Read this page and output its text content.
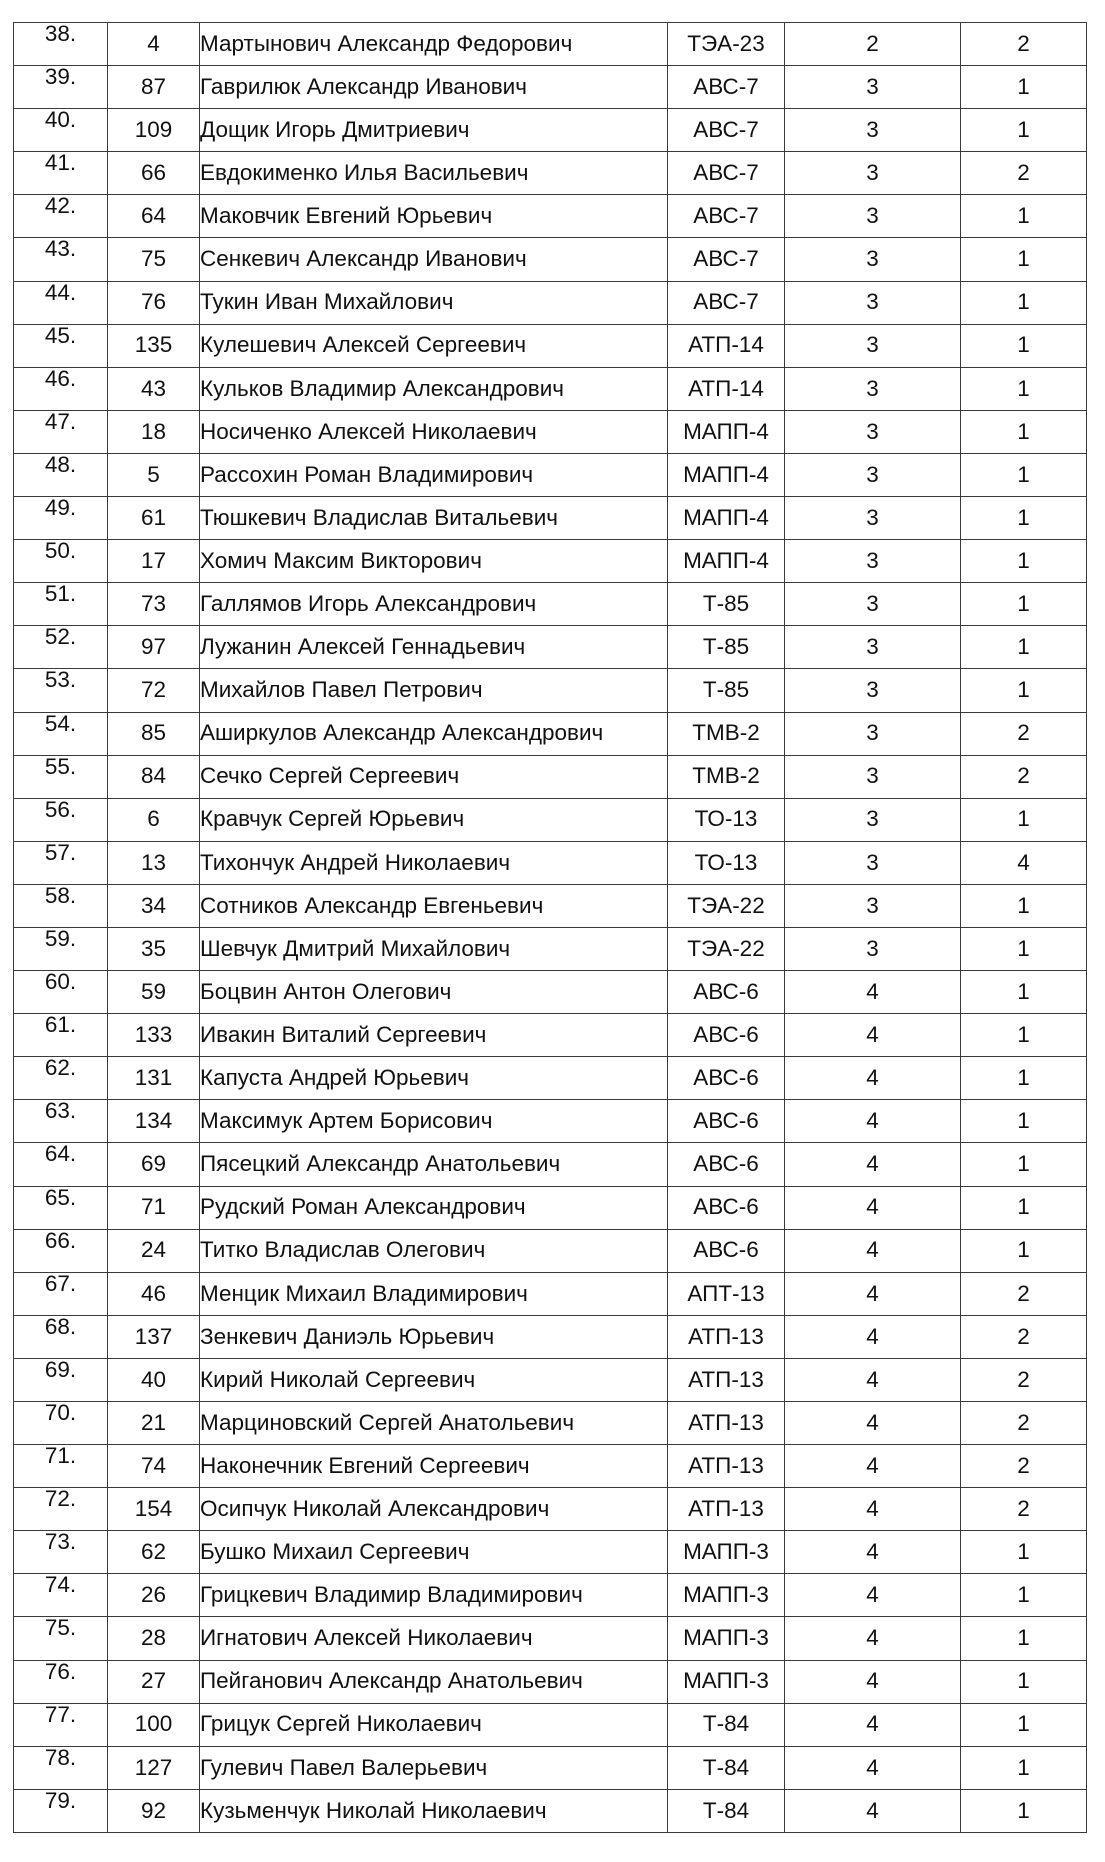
38.	4	Мартынович Александр Федорович	ТЭА-23	2	2
39.	87	Гаврилюк Александр Иванович	АВС-7	3	1
40.	109	Дощик Игорь Дмитриевич	АВС-7	3	1
41.	66	Евдокименко Илья Васильевич	АВС-7	3	2
42.	64	Маковчик Евгений Юрьевич	АВС-7	3	1
43.	75	Сенкевич Александр Иванович	АВС-7	3	1
44.	76	Тукин Иван Михайлович	АВС-7	3	1
45.	135	Кулешевич Алексей Сергеевич	АТП-14	3	1
46.	43	Кульков Владимир Александрович	АТП-14	3	1
47.	18	Носиченко Алексей Николаевич	МАПП-4	3	1
48.	5	Рассохин Роман Владимирович	МАПП-4	3	1
49.	61	Тюшкевич Владислав Витальевич	МАПП-4	3	1
50.	17	Хомич Максим Викторович	МАПП-4	3	1
51.	73	Галлямов Игорь Александрович	Т-85	3	1
52.	97	Лужанин Алексей Геннадьевич	Т-85	3	1
53.	72	Михайлов Павел Петрович	Т-85	3	1
54.	85	Аширкулов Александр Александрович	ТМВ-2	3	2
55.	84	Сечко Сергей Сергеевич	ТМВ-2	3	2
56.	6	Кравчук Сергей Юрьевич	ТО-13	3	1
57.	13	Тихончук Андрей Николаевич	ТО-13	3	4
58.	34	Сотников Александр Евгеньевич	ТЭА-22	3	1
59.	35	Шевчук Дмитрий Михайлович	ТЭА-22	3	1
60.	59	Боцвин Антон Олегович	АВС-6	4	1
61.	133	Ивакин Виталий Сергеевич	АВС-6	4	1
62.	131	Капуста Андрей Юрьевич	АВС-6	4	1
63.	134	Максимук Артем Борисович	АВС-6	4	1
64.	69	Пясецкий Александр Анатольевич	АВС-6	4	1
65.	71	Рудский Роман Александрович	АВС-6	4	1
66.	24	Титко Владислав Олегович	АВС-6	4	1
67.	46	Менцик Михаил Владимирович	АПТ-13	4	2
68.	137	Зенкевич Даниэль Юрьевич	АТП-13	4	2
69.	40	Кирий Николай Сергеевич	АТП-13	4	2
70.	21	Марциновский Сергей Анатольевич	АТП-13	4	2
71.	74	Наконечник Евгений Сергеевич	АТП-13	4	2
72.	154	Осипчук Николай Александрович	АТП-13	4	2
73.	62	Бушко Михаил Сергеевич	МАПП-3	4	1
74.	26	Грицкевич Владимир Владимирович	МАПП-3	4	1
75.	28	Игнатович Алексей Николаевич	МАПП-3	4	1
76.	27	Пейганович Александр Анатольевич	МАПП-3	4	1
77.	100	Грицук Сергей Николаевич	Т-84	4	1
78.	127	Гулевич Павел Валерьевич	Т-84	4	1
79.	92	Кузьменчук Николай Николаевич	Т-84	4	1
